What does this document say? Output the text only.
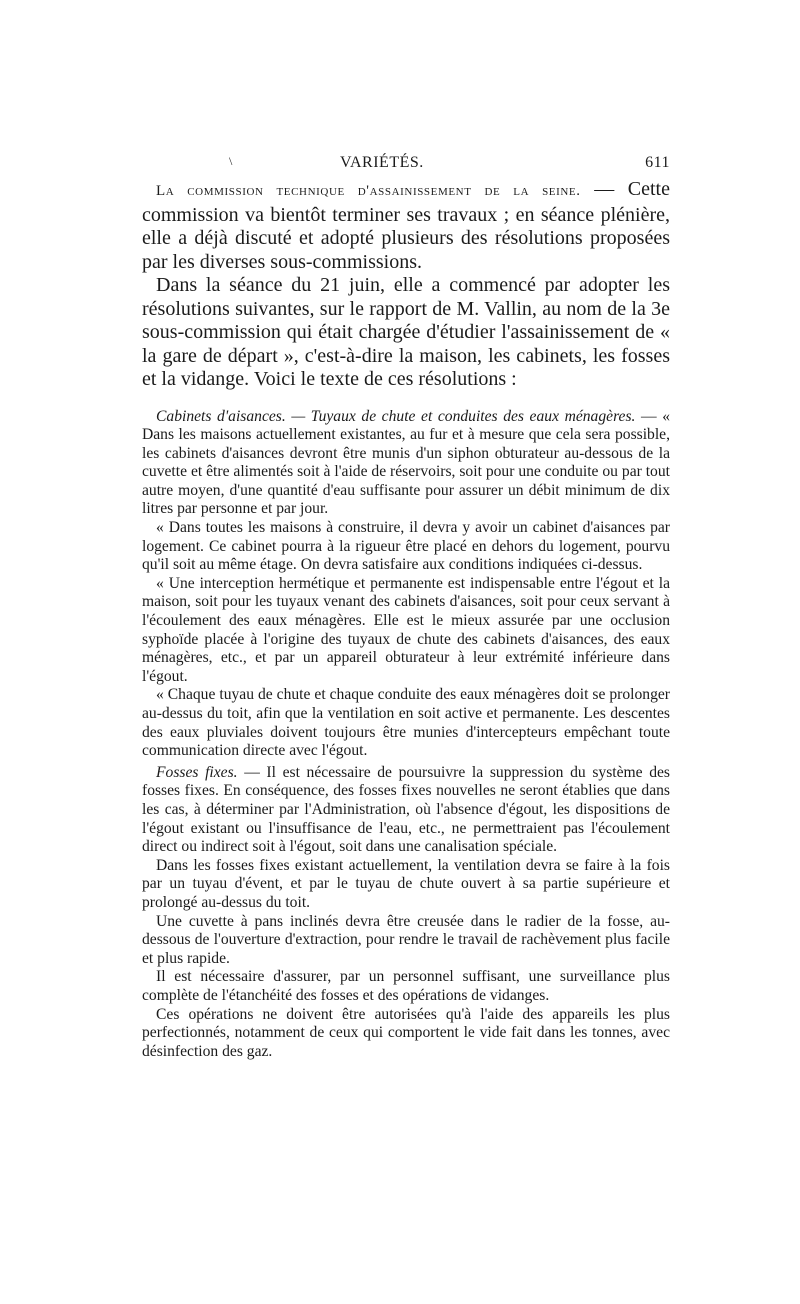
\	VARIÉTÉS.	611

La commission technique d'assainissement de la seine. — Cette commission va bientôt terminer ses travaux ; en séance plénière, elle a déjà discuté et adopté plusieurs des résolutions proposées par les diverses sous-commissions.

Dans la séance du 21 juin, elle a commencé par adopter les résolutions suivantes, sur le rapport de M. Vallin, au nom de la 3e sous-commission qui était chargée d'étudier l'assainissement de « la gare de départ », c'est-à-dire la maison, les cabinets, les fosses et la vidange. Voici le texte de ces résolutions :

Cabinets d'aisances. — Tuyaux de chute et conduites des eaux ménagères. — « Dans les maisons actuellement existantes, au fur et à mesure que cela sera possible, les cabinets d'aisances devront être munis d'un siphon obturateur au-dessous de la cuvette et être alimentés soit à l'aide de réservoirs, soit pour une conduite ou par tout autre moyen, d'une quantité d'eau suffisante pour assurer un débit minimum de dix litres par personne et par jour.

« Dans toutes les maisons à construire, il devra y avoir un cabinet d'aisances par logement. Ce cabinet pourra à la rigueur être placé en dehors du logement, pourvu qu'il soit au même étage. On devra satisfaire aux conditions indiquées ci-dessus.

« Une interception hermétique et permanente est indispensable entre l'égout et la maison, soit pour les tuyaux venant des cabinets d'aisances, soit pour ceux servant à l'écoulement des eaux ménagères. Elle est le mieux assurée par une occlusion syphoïde placée à l'origine des tuyaux de chute des cabinets d'aisances, des eaux ménagères, etc., et par un appareil obturateur à leur extrémité inférieure dans l'égout.

« Chaque tuyau de chute et chaque conduite des eaux ménagères doit se prolonger au-dessus du toit, afin que la ventilation en soit active et permanente. Les descentes des eaux pluviales doivent toujours être munies d'intercepteurs empêchant toute communication directe avec l'égout.

Fosses fixes. — Il est nécessaire de poursuivre la suppression du système des fosses fixes. En conséquence, des fosses fixes nouvelles ne seront établies que dans les cas, à déterminer par l'Administration, où l'absence d'égout, les dispositions de l'égout existant ou l'insuffisance de l'eau, etc., ne permettraient pas l'écoulement direct ou indirect soit à l'égout, soit dans une canalisation spéciale.

Dans les fosses fixes existant actuellement, la ventilation devra se faire à la fois par un tuyau d'évent, et par le tuyau de chute ouvert à sa partie supérieure et prolongé au-dessus du toit.

Une cuvette à pans inclinés devra être creusée dans le radier de la fosse, au-dessous de l'ouverture d'extraction, pour rendre le travail de rachèvement plus facile et plus rapide.

Il est nécessaire d'assurer, par un personnel suffisant, une surveillance plus complète de l'étanchéité des fosses et des opérations de vidanges.

Ces opérations ne doivent être autorisées qu'à l'aide des appareils les plus perfectionnés, notamment de ceux qui comportent le vide fait dans les tonnes, avec désinfection des gaz.
